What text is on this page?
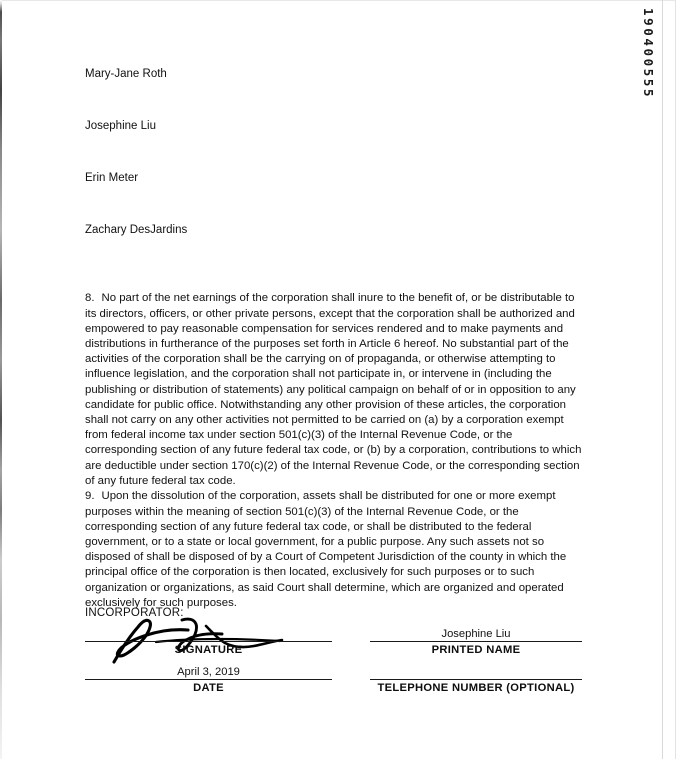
190400555
Mary-Jane Roth
Josephine Liu
Erin Meter
Zachary DesJardins

8. No part of the net earnings of the corporation shall inure to the benefit of, or be distributable to its directors, officers, or other private persons, except that the corporation shall be authorized and empowered to pay reasonable compensation for services rendered and to make payments and distributions in furtherance of the purposes set forth in Article 6 hereof. No substantial part of the activities of the corporation shall be the carrying on of propaganda, or otherwise attempting to influence legislation, and the corporation shall not participate in, or intervene in (including the publishing or distribution of statements) any political campaign on behalf of or in opposition to any candidate for public office. Notwithstanding any other provision of these articles, the corporation shall not carry on any other activities not permitted to be carried on (a) by a corporation exempt from federal income tax under section 501(c)(3) of the Internal Revenue Code, or the corresponding section of any future federal tax code, or (b) by a corporation, contributions to which are deductible under section 170(c)(2) of the Internal Revenue Code, or the corresponding section of any future federal tax code.

9. Upon the dissolution of the corporation, assets shall be distributed for one or more exempt purposes within the meaning of section 501(c)(3) of the Internal Revenue Code, or the corresponding section of any future federal tax code, or shall be distributed to the federal government, or to a state or local government, for a public purpose. Any such assets not so disposed of shall be disposed of by a Court of Competent Jurisdiction of the county in which the principal office of the corporation is then located, exclusively for such purposes or to such organization or organizations, as said Court shall determine, which are organized and operated exclusively for such purposes.

INCORPORATOR:
SIGNATURE
Josephine Liu
PRINTED NAME
April 3, 2019
DATE	TELEPHONE NUMBER (OPTIONAL)
